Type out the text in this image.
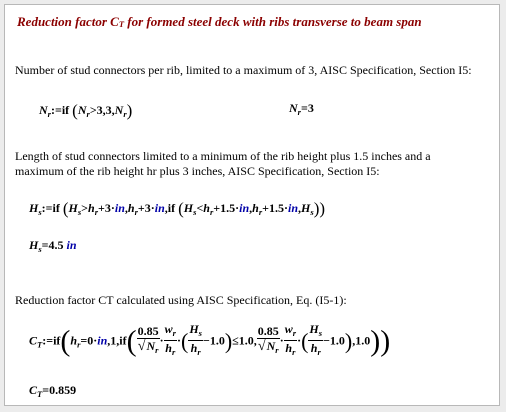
Reduction factor $C_T$ for formed steel deck with ribs transverse to beam span
Number of stud connectors per rib, limited to a maximum of 3, AISC Specification, Section I5:
$N_r:=if$ $(N_r>3,3,N_r)$	$N_r=3$
Length of stud connectors limited to a minimum of the rib height plus 1.5 inches and a
maximum of the rib height hr plus 3 inches, AISC Specification, Section I5:
$H_s:=if$ ($H_s>h_r+3\cdot in,h_r+3\cdot in,if$ $(H_s<h_r+1.5\cdot in,h_r+1.5\cdot in,H_s)$)
$H_s=4.5$ in
Reduction factor CT calculated using AISC Specification, Eq. (I5-1):
$C_T:=if(h_r=0\cdot in,1,if( \frac{0.85}{√N_r} \cdot \frac{w_r}{h_r}$ ·( $\frac{H_s}{h_r} -1.0)\le 1.0$, $\frac{0.85}{√N_r} \cdot \frac{w_r}{h_r}$ ·( $\frac{H_s}{h_r} -1.0),1.0$))
$C_T=0.859$
